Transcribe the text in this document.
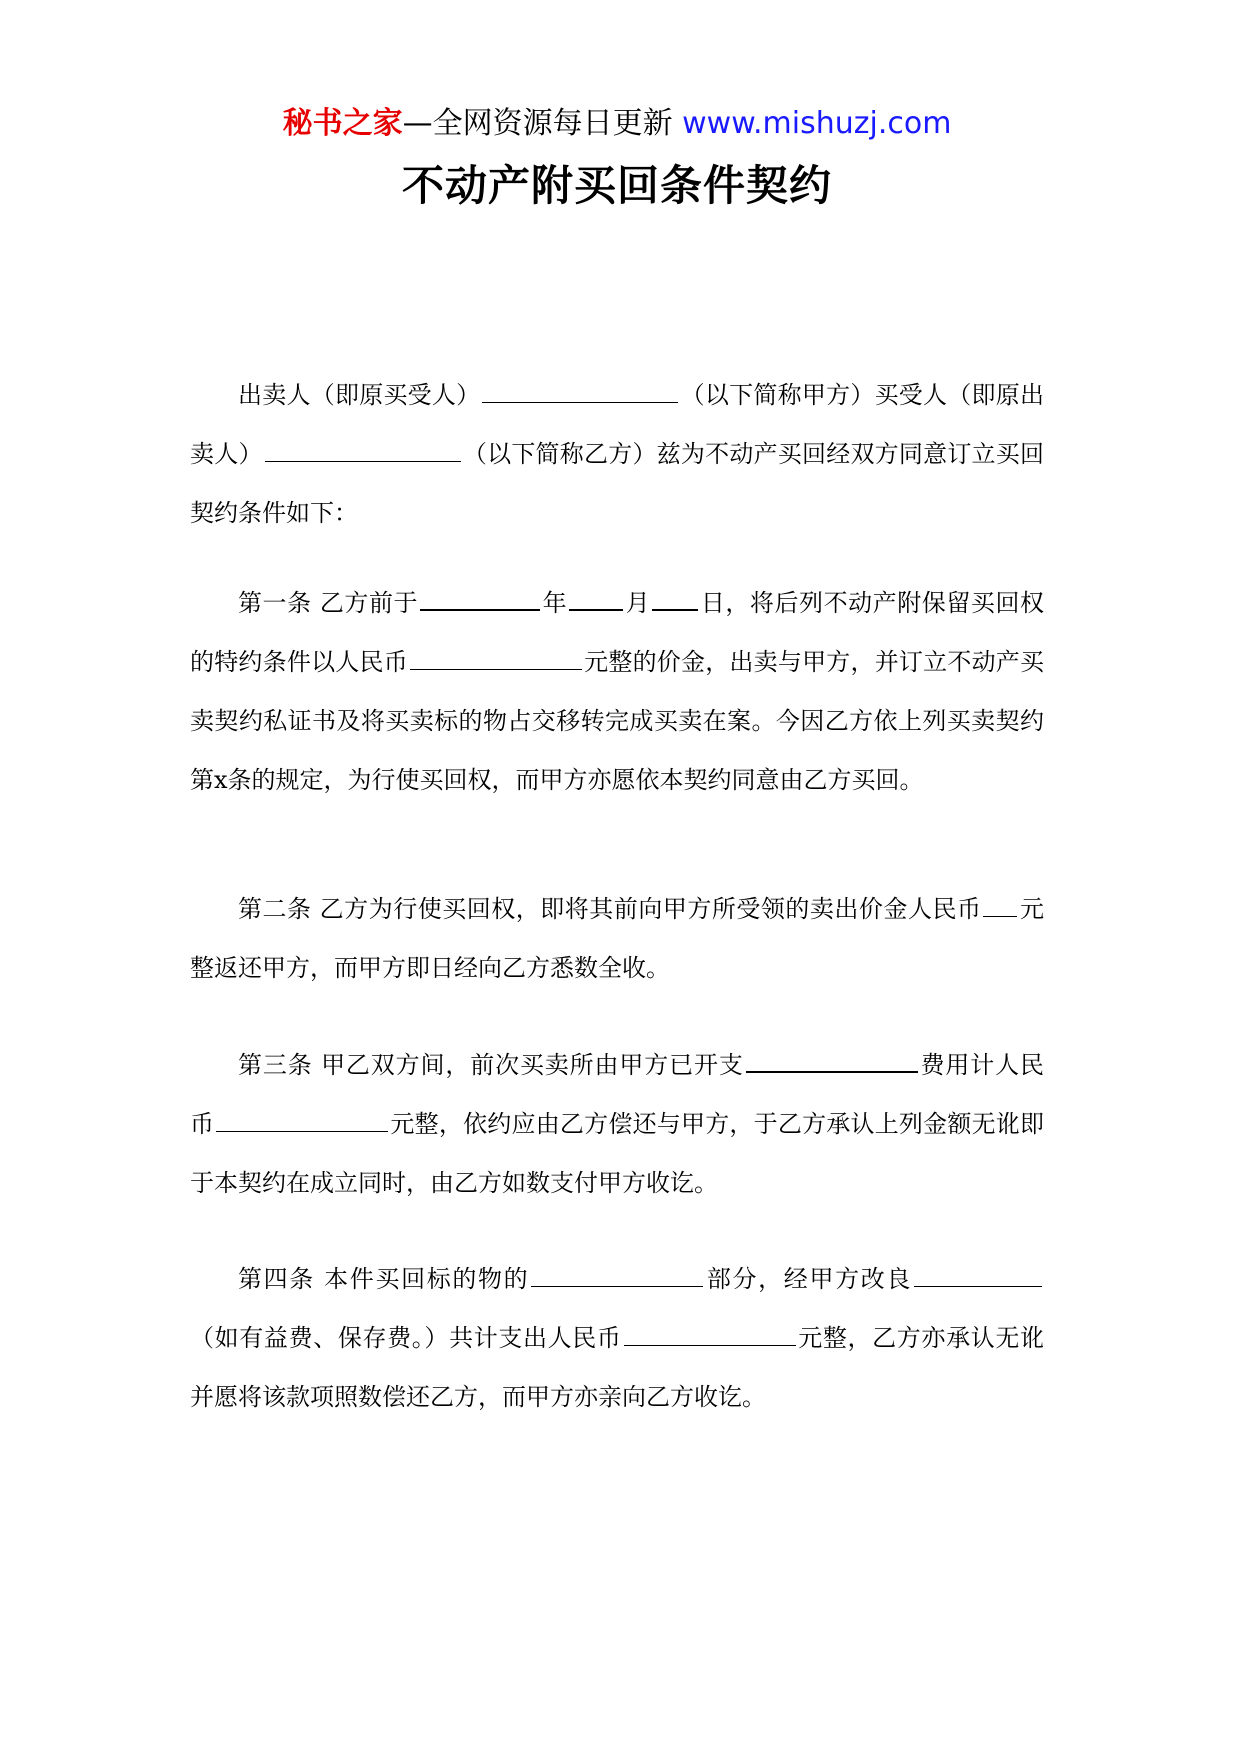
秘书之家—全网资源每日更新 www.mishuzj.com
不动产附买回条件契约

出卖人（即原买受人）	（以下简称甲方）买受人（即原出卖人）	（以下简称乙方）兹为不动产买回经双方同意订立买回契约条件如下：

第一条 乙方前于	年 月 日，将后列不动产附保留买回权的特约条件以人民币	元整的价金，出卖与甲方，并订立不动产买卖契约私证书及将买卖标的物占交移转完成买卖在案。今因乙方依上列买卖契约第x条的规定，为行使买回权，而甲方亦愿依本契约同意由乙方买回。

第二条 乙方为行使买回权，即将其前向甲方所受领的卖出价金人民币 元整返还甲方，而甲方即日经向乙方悉数全收。

第三条 甲乙双方间，前次买卖所由甲方已开支	费用计人民币	元整，依约应由乙方偿还与甲方，于乙方承认上列金额无讹即于本契约在成立同时，由乙方如数支付甲方收讫。

第四条 本件买回标的物的	部分，经甲方改良（如有益费、保存费。）共计支出人民币	元整，乙方亦承认无讹并愿将该款项照数偿还乙方，而甲方亦亲向乙方收讫。
